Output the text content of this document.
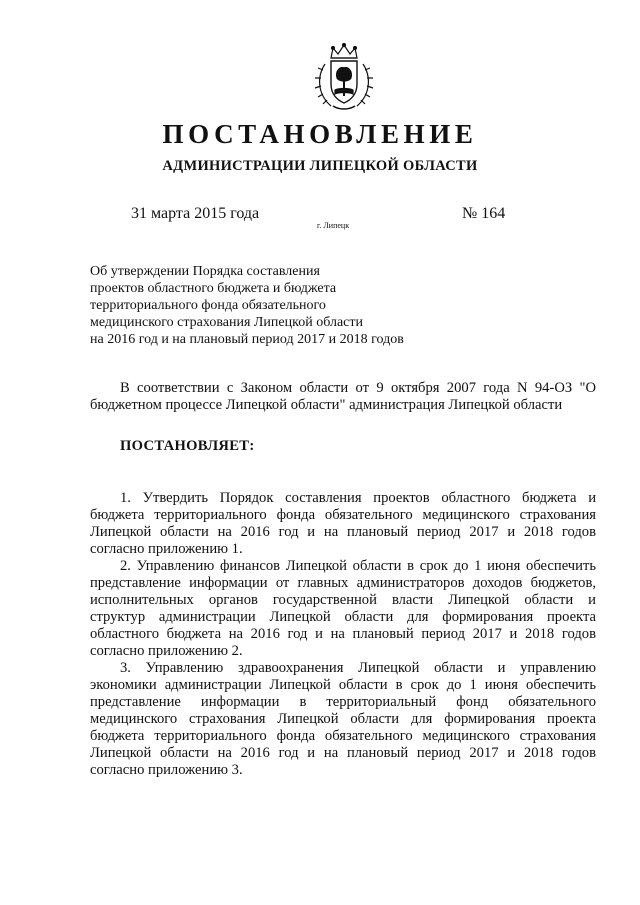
ПОСТАНОВЛЕНИЕ
АДМИНИСТРАЦИИ ЛИПЕЦКОЙ ОБЛАСТИ
31 марта 2015 года
г. Липецк
№ 164
Об утверждении Порядка составления
проектов областного бюджета и бюджета
территориального фонда обязательного
медицинского страхования Липецкой области
на 2016 год и на плановый период 2017 и 2018 годов
В соответствии с Законом области от 9 октября 2007 года N 94-ОЗ "О
бюджетном процессе Липецкой области" администрация Липецкой области
ПОСТАНОВЛЯЕТ:
1. Утвердить Порядок составления проектов областного бюджета и
бюджета территориального фонда обязательного медицинского страхования
Липецкой области на 2016 год и на плановый период 2017 и 2018 годов
согласно приложению 1.
2. Управлению финансов Липецкой области в срок до 1 июня обеспечить
представление информации от главных администраторов доходов бюджетов,
исполнительных органов государственной власти Липецкой области и
структур администрации Липецкой области для формирования проекта
областного бюджета на 2016 год и на плановый период 2017 и 2018 годов
согласно приложению 2.
3. Управлению здравоохранения Липецкой области и управлению
экономики администрации Липецкой области в срок до 1 июня обеспечить
представление информации в территориальный фонд обязательного
медицинского страхования Липецкой области для формирования проекта
бюджета территориального фонда обязательного медицинского страхования
Липецкой области на 2016 год и на плановый период 2017 и 2018 годов
согласно приложению 3.
